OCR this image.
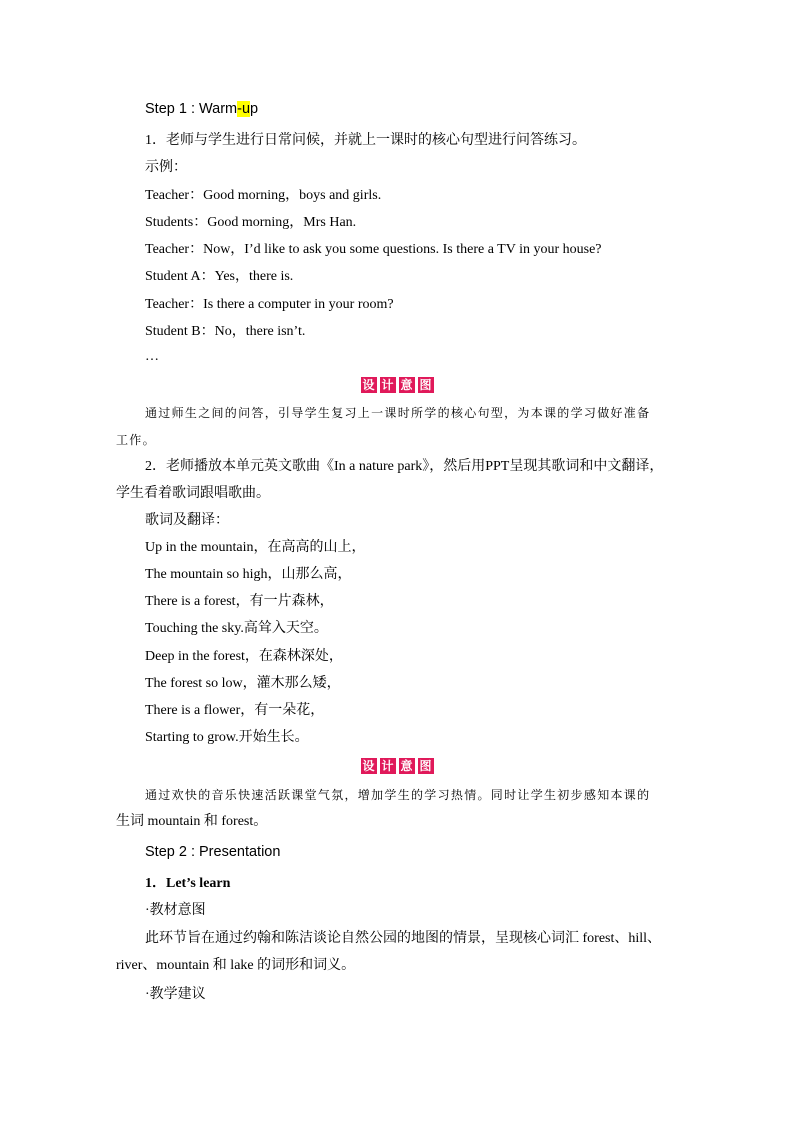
Step 1 : Warm-up
1．老师与学生进行日常问候，并就上一课时的核心句型进行问答练习。
示例：
Teacher：Good morning，boys and girls.
Students：Good morning，Mrs Han.
Teacher：Now，I’d like to ask you some questions. Is there a TV in your house?
Student A：Yes，there is.
Teacher：Is there a computer in your room?
Student B：No，there isn’t.
…
设 计 意 图
通过师生之间的问答，引导学生复习上一课时所学的核心句型，为本课的学习做好准备
工作。
2．老师播放本单元英文歌曲《In a nature park》，然后用PPT呈现其歌词和中文翻译，
学生看着歌词跟唱歌曲。
歌词及翻译：
Up in the mountain，在高高的山上，
The mountain so high，山那么高，
There is a forest，有一片森林，
Touching the sky.高耸入天空。
Deep in the forest，在森林深处，
The forest so low，灌木那么矮，
There is a flower，有一朵花，
Starting to grow.开始生长。
设 计 意 图
通过欢快的音乐快速活跃课堂气氛，增加学生的学习热情。同时让学生初步感知本课的
生词 mountain 和 forest。
Step 2 : Presentation
1．Let’s learn
·教材意图
此环节旨在通过约翰和陈洁谈论自然公园的地图的情景，呈现核心词汇 forest、hill、
river、mountain 和 lake 的词形和词义。
·教学建议
